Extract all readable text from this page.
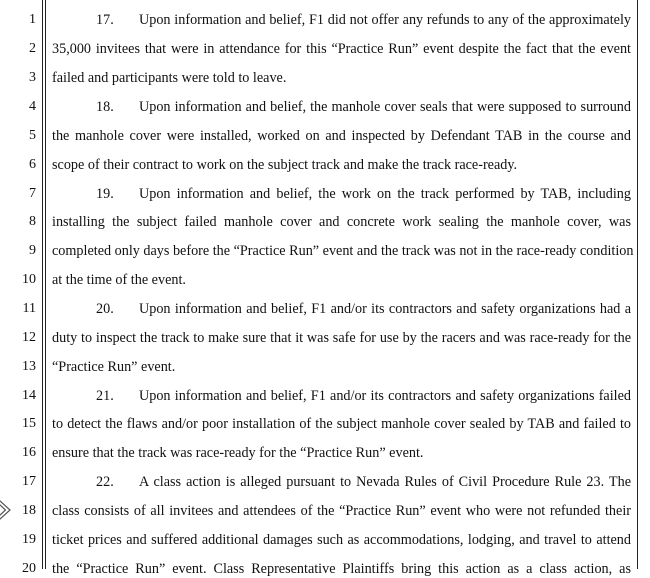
1
2
3
4
5
6
7
8
9
10
11
12
13
14
15
16
17
18
19
20
17. Upon information and belief, F1 did not offer any refunds to any of the approximately
35,000 invitees that were in attendance for this “Practice Run” event despite the fact that the event
failed and participants were told to leave.
18. Upon information and belief, the manhole cover seals that were supposed to surround
the manhole cover were installed, worked on and inspected by Defendant TAB in the course and
scope of their contract to work on the subject track and make the track race-ready.
19. Upon information and belief, the work on the track performed by TAB, including
installing the subject failed manhole cover and concrete work sealing the manhole cover, was
completed only days before the “Practice Run” event and the track was not in the race-ready condition
at the time of the event.
20. Upon information and belief, F1 and/or its contractors and safety organizations had a
duty to inspect the track to make sure that it was safe for use by the racers and was race-ready for the
“Practice Run” event.
21. Upon information and belief, F1 and/or its contractors and safety organizations failed
to detect the flaws and/or poor installation of the subject manhole cover sealed by TAB and failed to
ensure that the track was race-ready for the “Practice Run” event.
22. A class action is alleged pursuant to Nevada Rules of Civil Procedure Rule 23. The
class consists of all invitees and attendees of the “Practice Run” event who were not refunded their
ticket prices and suffered additional damages such as accommodations, lodging, and travel to attend
the “Practice Run” event. Class Representative Plaintiffs bring this action as a class action, as
